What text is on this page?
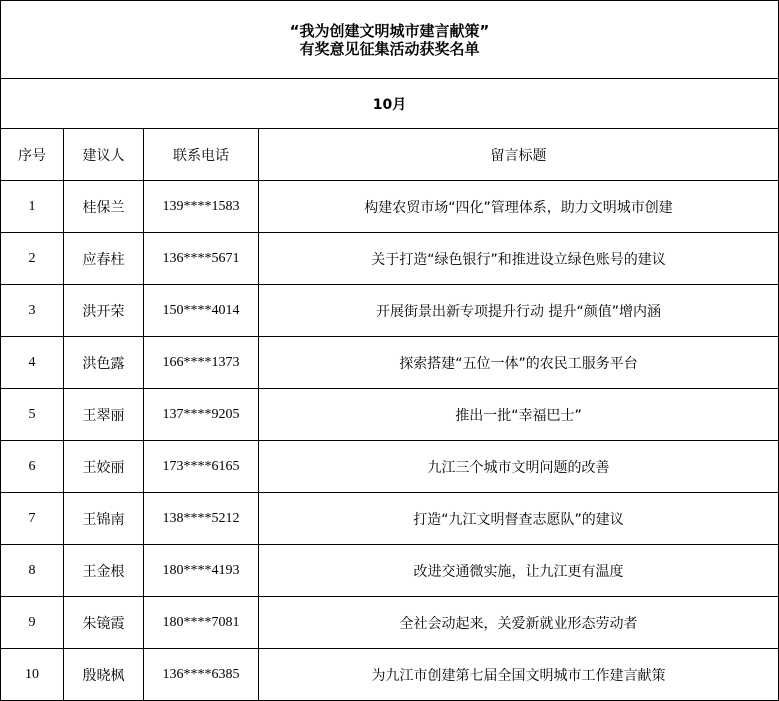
“我为创建文明城市建言献策”
有奖意见征集活动获奖名单
10月
序号	建议人	联系电话	留言标题
1	桂保兰	139****1583	构建农贸市场“四化”管理体系，助力文明城市创建
2	应春柱	136****5671	关于打造“绿色银行”和推进设立绿色账号的建议
3	洪开荣	150****4014	开展街景出新专项提升行动 提升“颜值”增内涵
4	洪色露	166****1373	探索搭建“五位一体”的农民工服务平台
5	王翠丽	137****9205	推出一批“幸福巴士”
6	王姣丽	173****6165	九江三个城市文明问题的改善
7	王锦南	138****5212	打造“九江文明督查志愿队”的建议
8	王金根	180****4193	改进交通微实施，让九江更有温度
9	朱镜霞	180****7081	全社会动起来，关爱新就业形态劳动者
10	殷晓枫	136****6385	为九江市创建第七届全国文明城市工作建言献策
